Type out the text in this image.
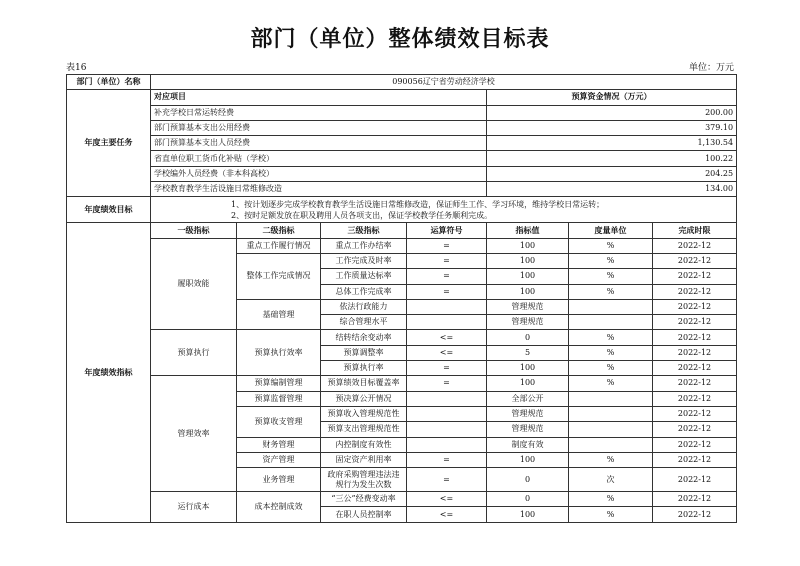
部门（单位）整体绩效目标表
表16	单位：万元
部门（单位）名称	090056辽宁省劳动经济学校						
年度主要任务	对应项目				预算资金情况（万元）		
	补充学校日常运转经费				200.00		
	部门预算基本支出公用经费				379.10		
	部门预算基本支出人员经费				1,130.54		
	省直单位职工货币化补贴（学校）				100.22		
	学校编外人员经费（非本科高校）				204.25		
	学校教育教学生活设施日常维修改造				134.00		
年度绩效目标	1、按计划逐步完成学校教育教学生活设施日常维修改造，保证师生工作、学习环境，维持学校日常运转；
2、按时足额发放在职及聘用人员各项支出，保证学校教学任务顺利完成。						

年度绩效指标	一级指标	二级指标	三级指标	运算符号	指标值	度量单位	完成时限
	履职效能	重点工作履行情况	重点工作办结率	=	100	%	2022-12
		整体工作完成情况	工作完成及时率	=	100	%	2022-12
			工作质量达标率	=	100	%	2022-12
			总体工作完成率	=	100	%	2022-12
		基础管理	依法行政能力		管理规范		2022-12
			综合管理水平		管理规范		2022-12
	预算执行	预算执行效率	结转结余变动率	<=	0	%	2022-12
			预算调整率	<=	5	%	2022-12
			预算执行率	=	100	%	2022-12
	管理效率	预算编制管理	预算绩效目标覆盖率	=	100	%	2022-12
		预算监督管理	预决算公开情况		全部公开		2022-12
		预算收支管理	预算收入管理规范性		管理规范		2022-12
			预算支出管理规范性		管理规范		2022-12
		财务管理	内控制度有效性		制度有效		2022-12
		资产管理	固定资产利用率	=	100	%	2022-12
		业务管理	政府采购管理违法违规行为发生次数	=	0	次	2022-12
	运行成本	成本控制成效	“三公”经费变动率	<=	0	%	2022-12
			在职人员控制率	<=	100	%	2022-12
